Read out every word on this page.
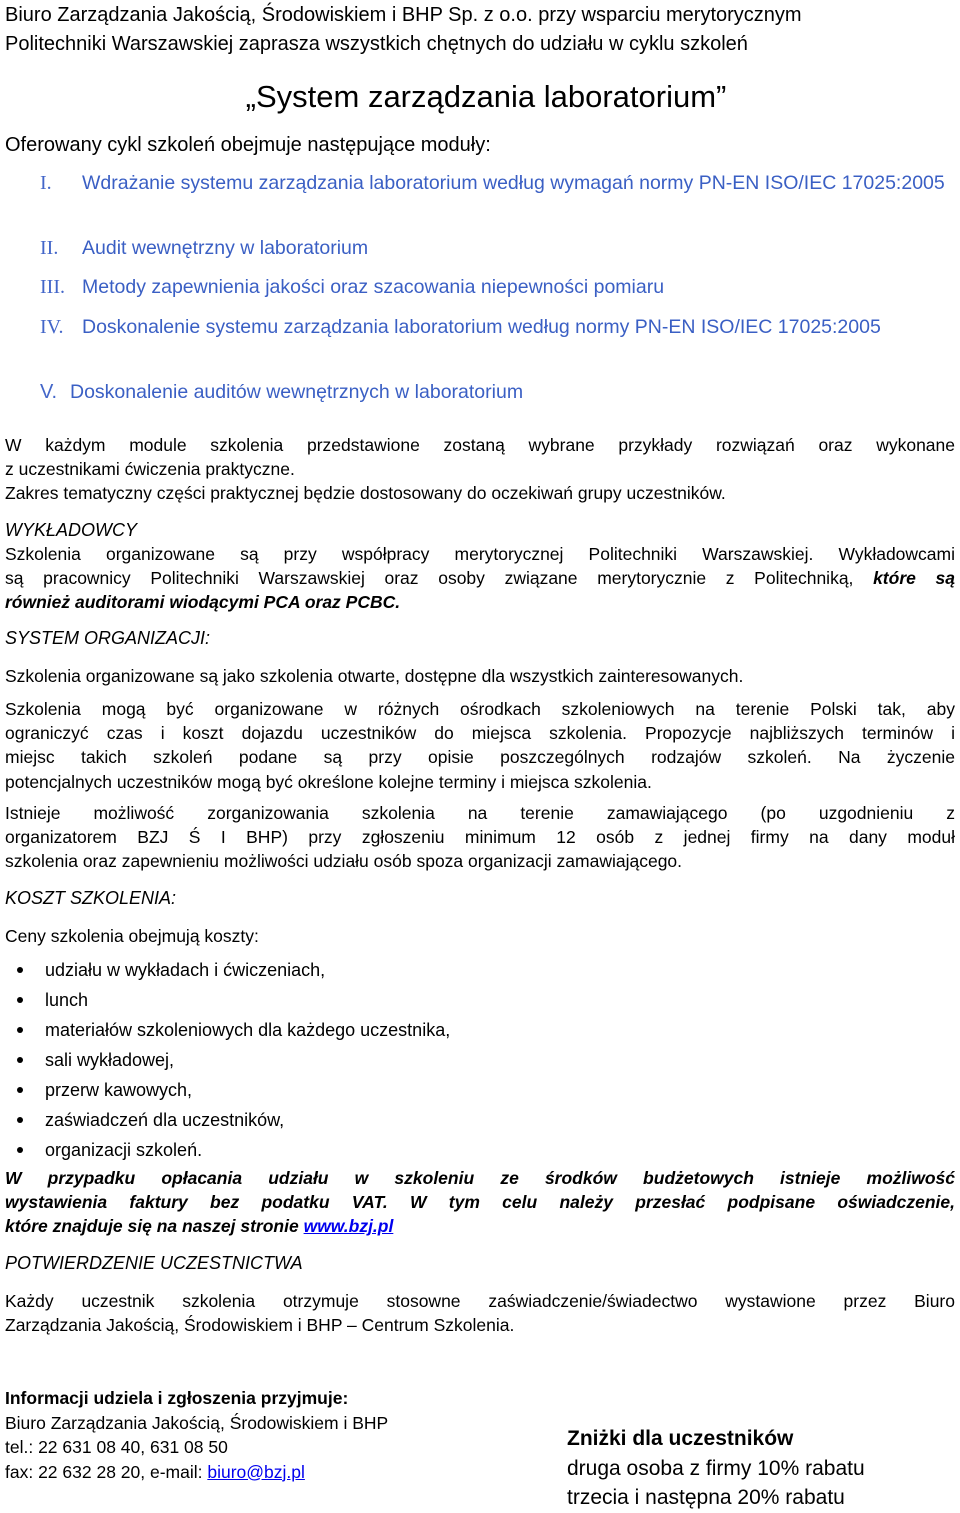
Biuro Zarządzania Jakością, Środowiskiem i BHP Sp. z o.o. przy wsparciu merytorycznym
Politechniki Warszawskiej zaprasza wszystkich chętnych do udziału w cyklu szkoleń
„System zarządzania laboratorium”
Oferowany cykl szkoleń obejmuje następujące moduły:
I. Wdrażanie systemu zarządzania laboratorium według wymagań normy PN-EN ISO/IEC 17025:2005
II. Audit wewnętrzny w laboratorium
III. Metody zapewnienia jakości oraz szacowania niepewności pomiaru
IV. Doskonalenie systemu zarządzania laboratorium według normy PN-EN ISO/IEC 17025:2005
V. Doskonalenie auditów wewnętrznych w laboratorium
W każdym module szkolenia przedstawione zostaną wybrane przykłady rozwiązań oraz wykonane
z uczestnikami ćwiczenia praktyczne.
Zakres tematyczny części praktycznej będzie dostosowany do oczekiwań grupy uczestników.
WYKŁADOWCY
Szkolenia organizowane są przy współpracy merytorycznej Politechniki Warszawskiej. Wykładowcami
są pracownicy Politechniki Warszawskiej oraz osoby związane merytorycznie z Politechniką, które są
również auditorami wiodącymi PCA oraz PCBC.
SYSTEM ORGANIZACJI:
Szkolenia organizowane są jako szkolenia otwarte, dostępne dla wszystkich zainteresowanych.
Szkolenia mogą być organizowane w różnych ośrodkach szkoleniowych na terenie Polski tak, aby
ograniczyć czas i koszt dojazdu uczestników do miejsca szkolenia. Propozycje najbliższych terminów i
miejsc takich szkoleń podane są przy opisie poszczególnych rodzajów szkoleń. Na życzenie
potencjalnych uczestników mogą być określone kolejne terminy i miejsca szkolenia.
Istnieje możliwość zorganizowania szkolenia na terenie zamawiającego (po uzgodnieniu z
organizatorem BZJ Ś I BHP) przy zgłoszeniu minimum 12 osób z jednej firmy na dany moduł
szkolenia oraz zapewnieniu możliwości udziału osób spoza organizacji zamawiającego.
KOSZT SZKOLENIA:
Ceny szkolenia obejmują koszty:
udziału w wykładach i ćwiczeniach,
lunch
materiałów szkoleniowych dla każdego uczestnika,
sali wykładowej,
przerw kawowych,
zaświadczeń dla uczestników,
organizacji szkoleń.
W przypadku opłacania udziału w szkoleniu ze środków budżetowych istnieje możliwość
wystawienia faktury bez podatku VAT. W tym celu należy przesłać podpisane oświadczenie,
które znajduje się na naszej stronie www.bzj.pl
POTWIERDZENIE UCZESTNICTWA
Każdy uczestnik szkolenia otrzymuje stosowne zaświadczenie/świadectwo wystawione przez Biuro
Zarządzania Jakością, Środowiskiem i BHP – Centrum Szkolenia.
Informacji udziela i zgłoszenia przyjmuje:
Biuro Zarządzania Jakością, Środowiskiem i BHP
tel.: 22 631 08 40, 631 08 50
fax: 22 632 28 20, e-mail: biuro@bzj.pl
Zniżki dla uczestników
druga osoba z firmy 10% rabatu
trzecia i następna 20% rabatu
